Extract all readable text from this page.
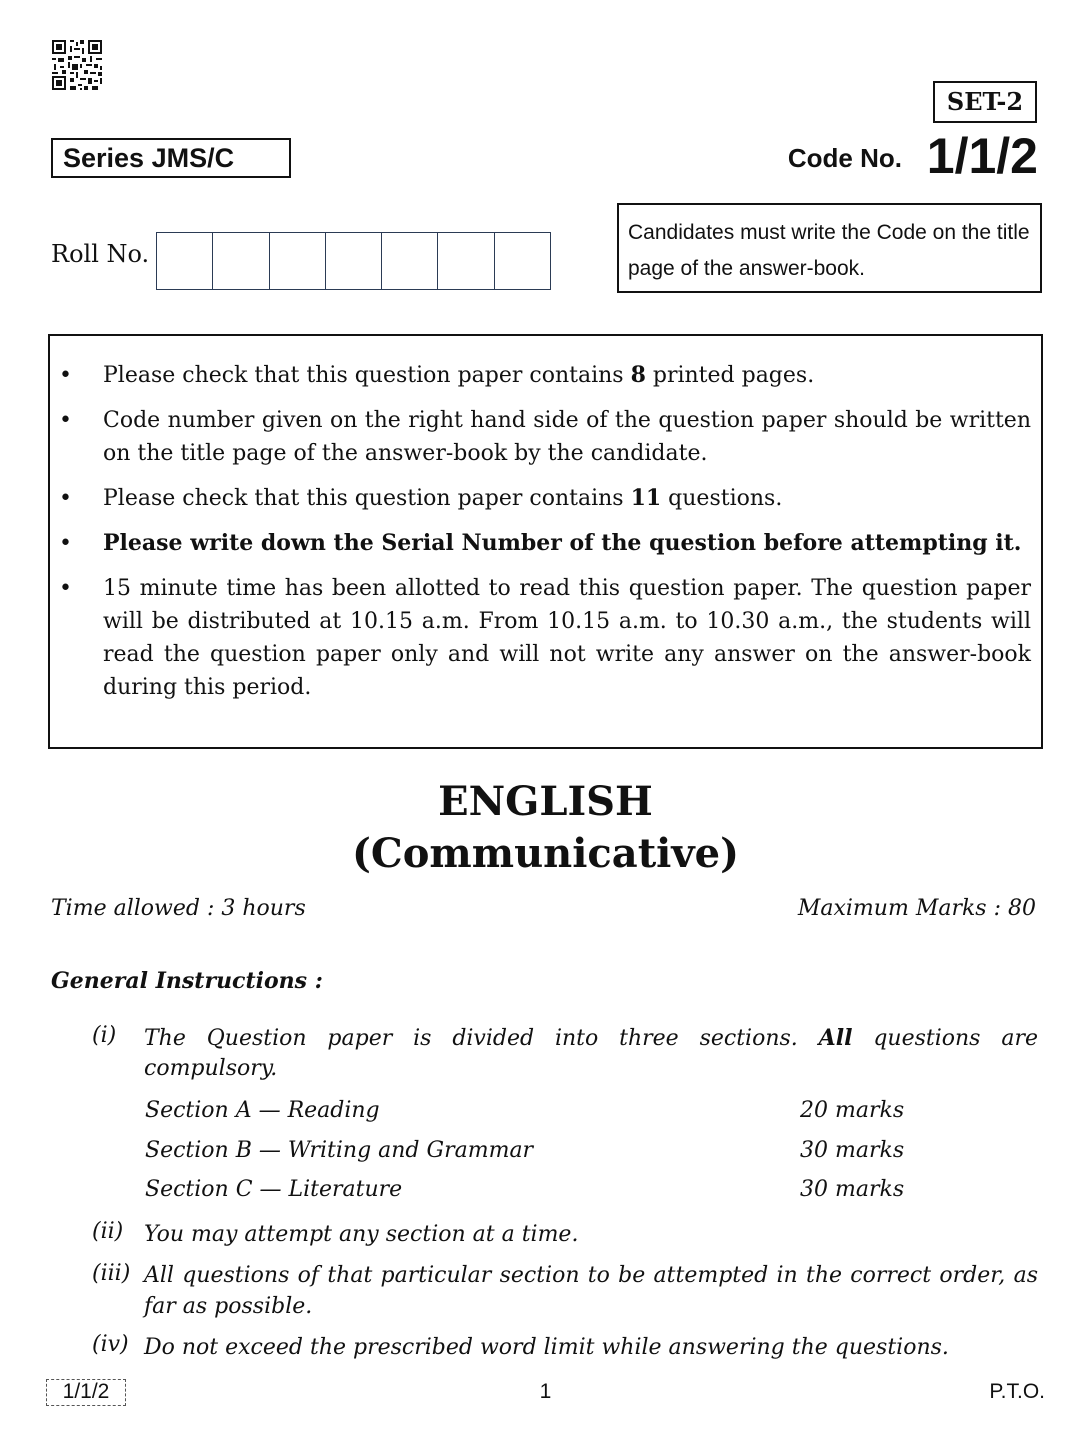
SET-2
Series JMS/C	Code No. 1/1/2
Roll No.
Candidates must write the Code on the title page of the answer-book.
• Please check that this question paper contains 8 printed pages.
• Code number given on the right hand side of the question paper should be written on the title page of the answer-book by the candidate.
• Please check that this question paper contains 11 questions.
• Please write down the Serial Number of the question before attempting it.
• 15 minute time has been allotted to read this question paper. The question paper will be distributed at 10.15 a.m. From 10.15 a.m. to 10.30 a.m., the students will read the question paper only and will not write any answer on the answer-book during this period.
ENGLISH
(Communicative)
Time allowed : 3 hours	Maximum Marks : 80
General Instructions :
(i) The Question paper is divided into three sections. All questions are compulsory.
Section A — Reading	20 marks
Section B — Writing and Grammar	30 marks
Section C — Literature	30 marks
(ii) You may attempt any section at a time.
(iii) All questions of that particular section to be attempted in the correct order, as far as possible.
(iv) Do not exceed the prescribed word limit while answering the questions.
1/1/2	1	P.T.O.
